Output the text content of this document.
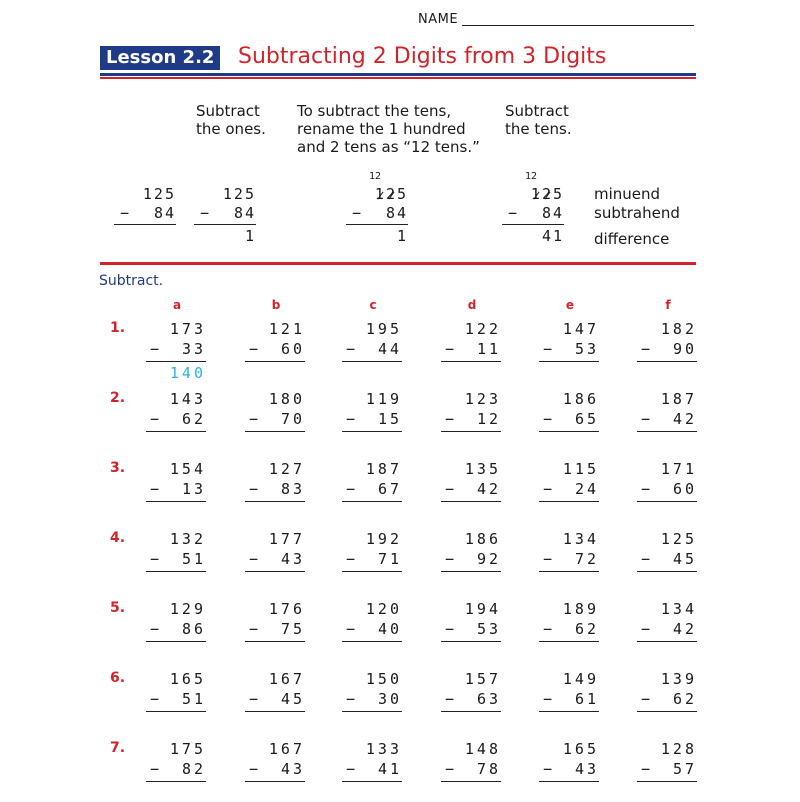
NAME
Lesson 2.2 Subtracting 2 Digits from 3 Digits
Subtract
the ones.
To subtract the tens,
rename the 1 hundred
and 2 tens as “12 tens.”
Subtract
the tens.
125
−	84
125
−	84
1
12
125
−	84
1
12
125
−	84
41
minuend
subtrahend
difference
Subtract.
a	b	c	d	e	f
1.	173
−	33
140
121
−	60
195
−	44
122
−	11
147
−	53
182
−	90
2.	143
−	62
180
−	70
119
−	15
123
−	12
186
−	65
187
−	42
3.	154
−	13
127
−	83
187
−	67
135
−	42
115
−	24
171
−	60
4.	132
−	51
177
−	43
192
−	71
186
−	92
134
−	72
125
−	45
5.	129
−	86
176
−	75
120
−	40
194
−	53
189
−	62
134
−	42
6.	165
−	51
167
−	45
150
−	30
157
−	63
149
−	61
139
−	62
7.	175
−	82
167
−	43
133
−	41
148
−	78
165
−	43
128
−	57
